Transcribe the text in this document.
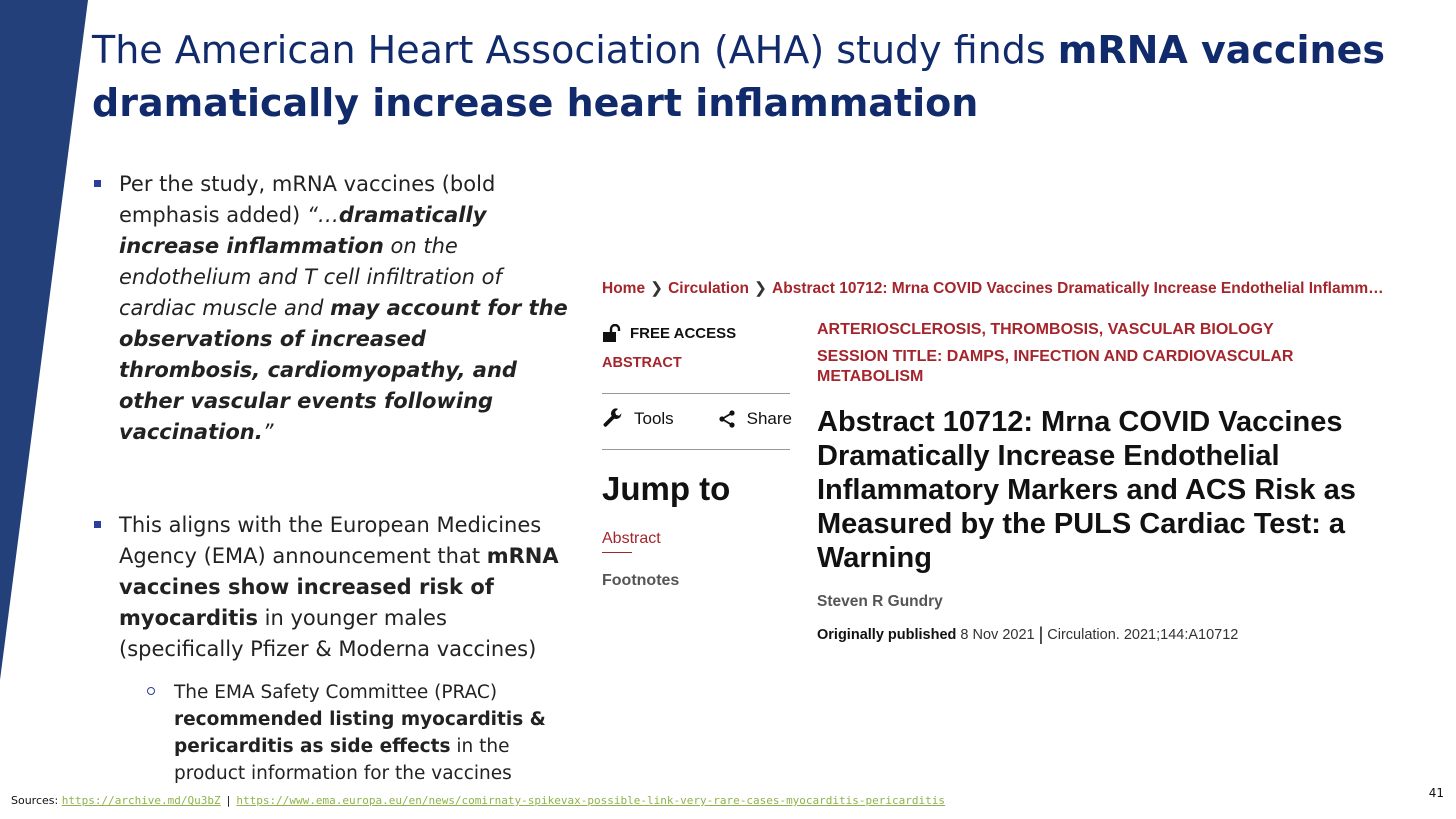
The American Heart Association (AHA) study finds mRNA vaccines dramatically increase heart inflammation
Per the study, mRNA vaccines (bold emphasis added) “…dramatically increase inflammation on the endothelium and T cell infiltration of cardiac muscle and may account for the observations of increased thrombosis, cardiomyopathy, and other vascular events following vaccination.”
This aligns with the European Medicines Agency (EMA) announcement that mRNA vaccines show increased risk of myocarditis in younger males (specifically Pfizer & Moderna vaccines)
The EMA Safety Committee (PRAC) recommended listing myocarditis & pericarditis as side effects in the product information for the vaccines
Home ❯ Circulation ❯ Abstract 10712: Mrna COVID Vaccines Dramatically Increase Endothelial Inflamm…
FREE ACCESS
ABSTRACT
Tools	Share
Jump to
Abstract
Footnotes
ARTERIOSCLEROSIS, THROMBOSIS, VASCULAR BIOLOGY
SESSION TITLE: DAMPS, INFECTION AND CARDIOVASCULAR METABOLISM
Abstract 10712: Mrna COVID Vaccines Dramatically Increase Endothelial Inflammatory Markers and ACS Risk as Measured by the PULS Cardiac Test: a Warning
Steven R Gundry
Originally published 8 Nov 2021 | Circulation. 2021;144:A10712
Sources: https://archive.md/Qu3bZ | https://www.ema.europa.eu/en/news/comirnaty-spikevax-possible-link-very-rare-cases-myocarditis-pericarditis
41
